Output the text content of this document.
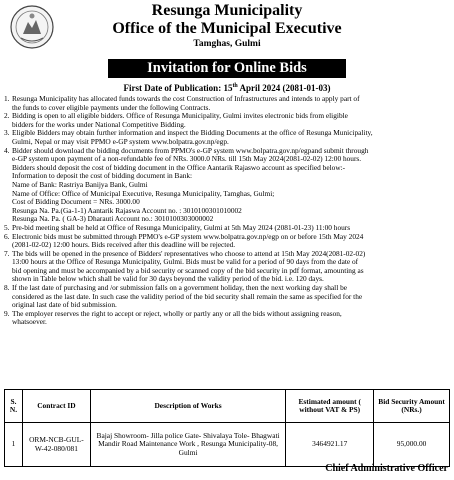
Resunga Municipality
Office of the Municipal Executive
Tamghas, Gulmi
Invitation for Online Bids
First Date of Publication: 15th April 2024 (2081-01-03)
1. Resunga Municipality has allocated funds towards the cost Construction of Infrastructures and intends to apply part of
the funds to cover eligible payments under the following Contracts.
2. Bidding is open to all eligible bidders. Office of Resunga Municipality, Gulmi invites electronic bids from eligible
bidders for the works under National Competitive Bidding.
3. Eligible Bidders may obtain further information and inspect the Bidding Documents at the office of Resunga Municipality,
Gulmi, Nepal or may visit PPMO e-GP system www.bolpatra.gov.np/egp.
4. Bidder should download the bidding documents from PPMO's e-GP system www.bolpatra.gov.np/egpand submit through
e-GP system upon payment of a non-refundable fee of NRs. 3000.0 NRs. till 15th May 2024(2081-02-02) 12:00 hours.
Bidders should deposit the cost of bidding document in the Office Aantarik Rajaswo account as specified below:-
Information to deposit the cost of bidding document in Bank:
Name of Bank: Rastriya Banijya Bank, Gulmi
Name of Office: Office of Municipal Executive, Resunga Municipality, Tamghas, Gulmi;
Cost of Bidding Document = NRs. 3000.00
Resunga Na. Pa.(Ga-1-1) Aantarik Rajaswa Account no. : 3010100301010002
Resunga Na. Pa. ( GA-3) Dharauti Account no.: 3010100303000002
5. Pre-bid meeting shall be held at Office of Resunga Municipality, Gulmi at 5th May 2024 (2081-01-23) 11:00 hours
6. Electronic bids must be submitted through PPMO's e-GP system www.bolpatra.gov.np/egp on or before 15th May 2024
(2081-02-02) 12:00 hours. Bids received after this deadline will be rejected.
7. The bids will be opened in the presence of Bidders' representatives who choose to attend at 15th May 2024(2081-02-02)
13:00 hours at the Office of Resunga Municipality, Gulmi. Bids must be valid for a period of 90 days from the date of
bid opening and must be accompanied by a bid security or scanned copy of the bid security in pdf format, amounting as
shown in Table below which shall be valid for 30 days beyond the validity period of the bid. i.e. 120 days.
8. If the last date of purchasing and /or submission falls on a government holiday, then the next working day shall be
considered as the last date. In such case the validity period of the bid security shall remain the same as specified for the
original last date of bid submission.
9. The employer reserves the right to accept or reject, wholly or partly any or all the bids without assigning reason,
whatsoever.
S. N.	Contract ID	Description of Works	Estimated amount ( without VAT & PS)	Bid Security Amount (NRs.)
1	ORM-NCB-GUL-W-42-080/081	Bajaj Showroom- Jilla police Gate- Shivalaya Tole- Bhagwati Mandir Road Maintenance Work , Resunga Municipality-08, Gulmi	3464921.17	95,000.00
Chief Administrative Officer
